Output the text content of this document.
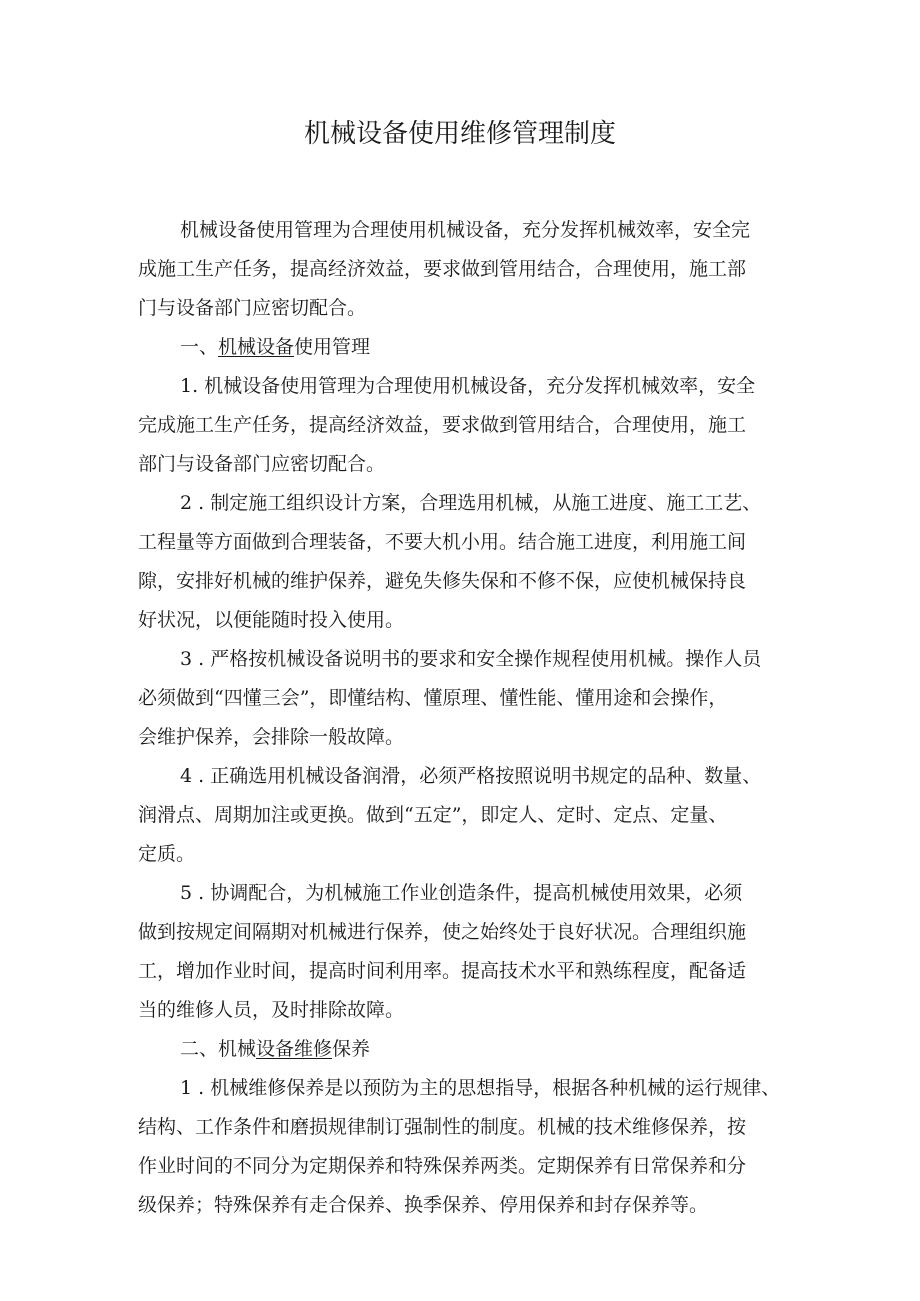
机械设备使用维修管理制度
机械设备使用管理为合理使用机械设备，充分发挥机械效率，安全完
成施工生产任务，提高经济效益，要求做到管用结合，合理使用，施工部
门与设备部门应密切配合。
一、机械设备使用管理
1. 机械设备使用管理为合理使用机械设备，充分发挥机械效率，安全
完成施工生产任务，提高经济效益，要求做到管用结合，合理使用，施工
部门与设备部门应密切配合。
2 . 制定施工组织设计方案，合理选用机械，从施工进度、施工工艺、
工程量等方面做到合理装备，不要大机小用。结合施工进度，利用施工间
隙，安排好机械的维护保养，避免失修失保和不修不保，应使机械保持良
好状况，以便能随时投入使用。
3 . 严格按机械设备说明书的要求和安全操作规程使用机械。操作人员
必须做到“四懂三会”，即懂结构、懂原理、懂性能、懂用途和会操作，
会维护保养，会排除一般故障。
4 . 正确选用机械设备润滑，必须严格按照说明书规定的品种、数量、
润滑点、周期加注或更换。做到“五定”，即定人、定时、定点、定量、
定质。
5 . 协调配合，为机械施工作业创造条件，提高机械使用效果，必须
做到按规定间隔期对机械进行保养，使之始终处于良好状况。合理组织施
工，增加作业时间，提高时间利用率。提高技术水平和熟练程度，配备适
当的维修人员，及时排除故障。
二、机械设备维修保养
1 . 机械维修保养是以预防为主的思想指导，根据各种机械的运行规律、
结构、工作条件和磨损规律制订强制性的制度。机械的技术维修保养，按
作业时间的不同分为定期保养和特殊保养两类。定期保养有日常保养和分
级保养；特殊保养有走合保养、换季保养、停用保养和封存保养等。
